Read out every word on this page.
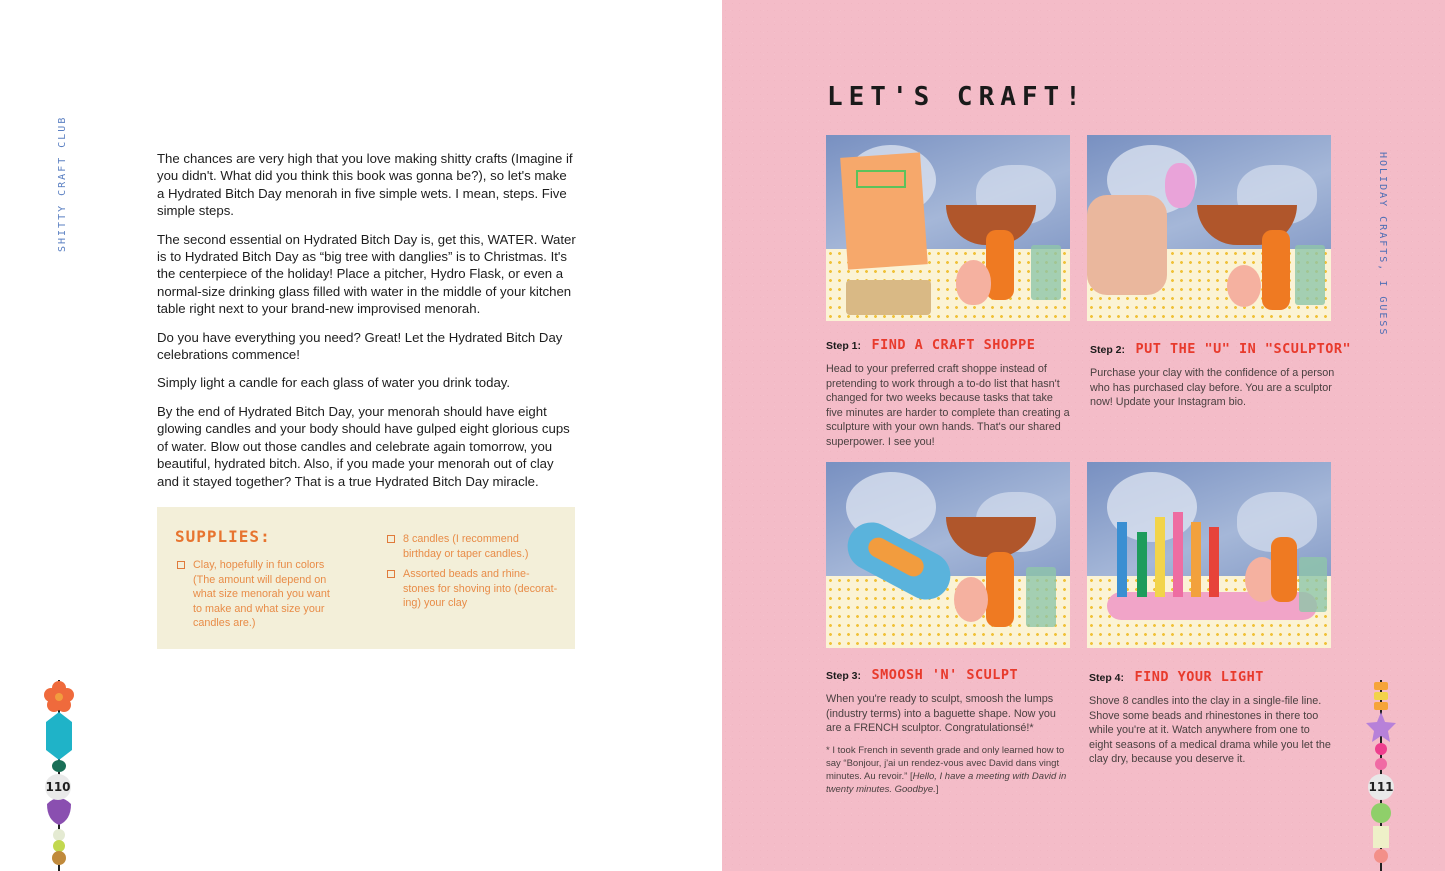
SHITTY CRAFT CLUB	The chances are very high that you love making shitty crafts (Imagine if you didn't. What did you think this book was gonna be?), so let's make a Hydrated Bitch Day menorah in five simple wets. I mean, steps. Five simple steps.

The second essential on Hydrated Bitch Day is, get this, WATER. Water is to Hydrated Bitch Day as “big tree with danglies” is to Christmas. It's the centerpiece of the holiday! Place a pitcher, Hydro Flask, or even a normal-size drinking glass filled with water in the middle of your kitchen table right next to your brand-new improvised menorah.

Do you have everything you need? Great! Let the Hydrated Bitch Day celebrations commence!

Simply light a candle for each glass of water you drink today.

By the end of Hydrated Bitch Day, your menorah should have eight glowing candles and your body should have gulped eight glorious cups of water. Blow out those candles and celebrate again tomorrow, you beautiful, hydrated bitch. Also, if you made your menorah out of clay and it stayed together? That is a true Hydrated Bitch Day miracle.

SUPPLIES:
Clay, hopefully in fun colors (The amount will depend on what size menorah you want to make and what size your candles are.)
8 candles (I recommend birthday or taper candles.)
Assorted beads and rhine-stones for shoving into (decorat-ing) your clay
110
HOLIDAY CRAFTS, I GUESS
LET'S CRAFT!
Step 1: FIND A CRAFT SHOPPE
Head to your preferred craft shoppe instead of pretending to work through a to-do list that hasn't changed for two weeks because tasks that take five minutes are harder to complete than creating a sculpture with your own hands. That's our shared superpower. I see you!
Step 2: PUT THE "U" IN "SCULPTOR"
Purchase your clay with the confidence of a person who has purchased clay before. You are a sculptor now! Update your Instagram bio.
Step 3: SMOOSH 'N' SCULPT
When you're ready to sculpt, smoosh the lumps (industry terms) into a baguette shape. Now you are a FRENCH sculptor. Congratulationsé!*
* I took French in seventh grade and only learned how to say “Bonjour, j'ai un rendez-vous avec David dans vingt minutes. Au revoir.” [Hello, I have a meeting with David in twenty minutes. Goodbye.]
Step 4: FIND YOUR LIGHT
Shove 8 candles into the clay in a single-file line. Shove some beads and rhinestones in there too while you're at it. Watch anywhere from one to eight seasons of a medical drama while you let the clay dry, because you deserve it.
111
